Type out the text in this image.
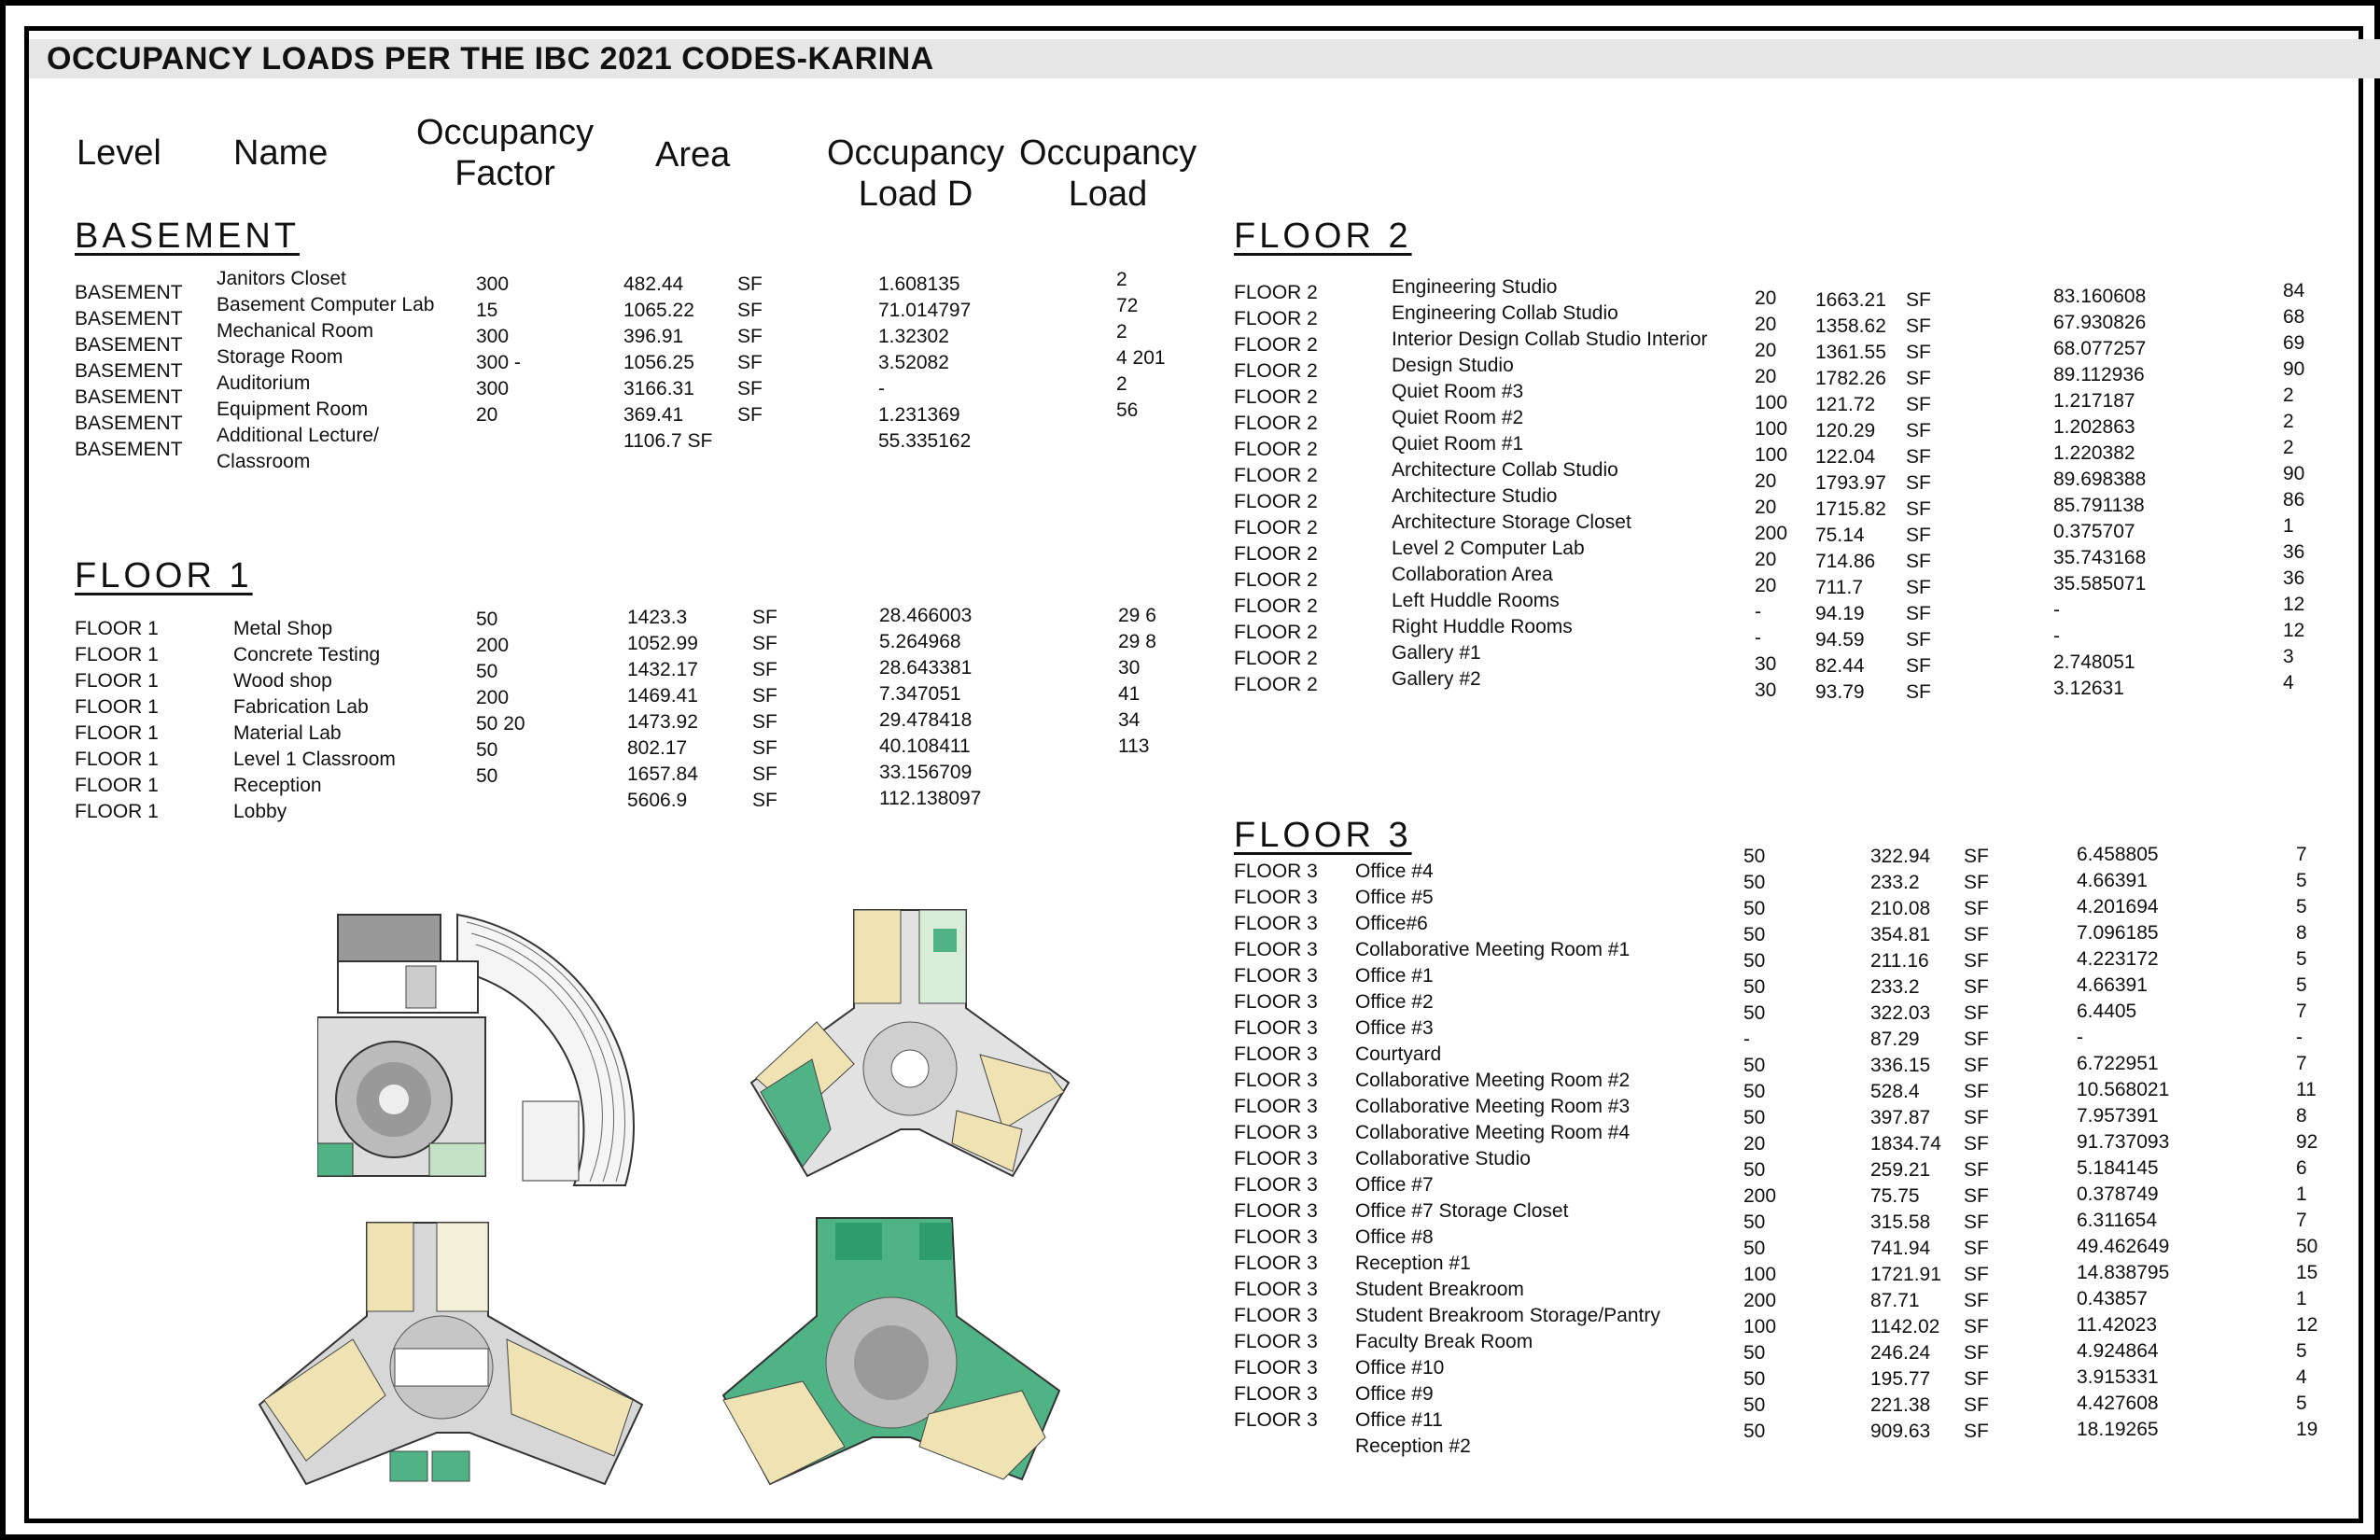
OCCUPANCY LOADS PER THE IBC 2021 CODES-KARINA
Level Name
Occupancy
Factor	Area	Occupancy
Load D
Occupancy
Load
BASEMENT
FLOOR 1
FLOOR 2
FLOOR 3
BASEMENT
BASEMENT
BASEMENT
BASEMENT
BASEMENT
BASEMENT
BASEMENT
Janitors Closet
Basement Computer Lab
Mechanical Room
Storage Room
Auditorium
Equipment Room
Additional Lecture/
Classroom
300
15
300
300 -
300
20
482.44
1065.22
396.91
1056.25
3166.31
369.41
1106.7 SF
SF
SF
SF
SF
SF
SF
1.608135
71.014797
1.32302
3.52082
-
1.231369
55.335162
2
72
2
4 201
2
56
FLOOR 1
FLOOR 1
FLOOR 1
FLOOR 1
FLOOR 1
FLOOR 1
FLOOR 1
FLOOR 1
Metal Shop
Concrete Testing
Wood shop
Fabrication Lab
Material Lab
Level 1 Classroom
Reception
Lobby
50
200
50
200
50 20
50
50
1423.3
1052.99
1432.17
1469.41
1473.92
802.17
1657.84
5606.9
SF
SF
SF
SF
SF
SF
SF
SF
28.466003
5.264968
28.643381
7.347051
29.478418
40.108411
33.156709
112.138097
29 6
29 8
30
41
34
113
FLOOR 2
FLOOR 2
FLOOR 2
FLOOR 2
FLOOR 2
FLOOR 2
FLOOR 2
FLOOR 2
FLOOR 2
FLOOR 2
FLOOR 2
FLOOR 2
FLOOR 2
FLOOR 2
FLOOR 2
FLOOR 2
Engineering Studio
Engineering Collab Studio
Interior Design Collab Studio Interior
Design Studio
Quiet Room #3
Quiet Room #2
Quiet Room #1
Architecture Collab Studio
Architecture Studio
Architecture Storage Closet
Level 2 Computer Lab
Collaboration Area
Left Huddle Rooms
Right Huddle Rooms
Gallery #1
Gallery #2
20
20
20
20
100
100
100
20
20
200
20
20
-
-
30
30
1663.21
1358.62
1361.55
1782.26
121.72
120.29
122.04
1793.97
1715.82
75.14
714.86
711.7
94.19
94.59
82.44
93.79
SF
SF
SF
SF
SF
SF
SF
SF
SF
SF
SF
SF
SF
SF
SF
SF
83.160608
67.930826
68.077257
89.112936
1.217187
1.202863
1.220382
89.698388
85.791138
0.375707
35.743168
35.585071
-
-
2.748051
3.12631
84
68
69
90
2
2
2
90
86
1
36
36
12
12
3
4
FLOOR 3
FLOOR 3
FLOOR 3
FLOOR 3
FLOOR 3
FLOOR 3
FLOOR 3
FLOOR 3
FLOOR 3
FLOOR 3
FLOOR 3
FLOOR 3
FLOOR 3
FLOOR 3
FLOOR 3
FLOOR 3
FLOOR 3
FLOOR 3
FLOOR 3
FLOOR 3
FLOOR 3
FLOOR 3
Office #4
Office #5
Office#6
Collaborative Meeting Room #1
Office #1
Office #2
Office #3
Courtyard
Collaborative Meeting Room #2
Collaborative Meeting Room #3
Collaborative Meeting Room #4
Collaborative Studio
Office #7
Office #7 Storage Closet
Office #8
Reception #1
Student Breakroom
Student Breakroom Storage/Pantry
Faculty Break Room
Office #10
Office #9
Office #11
Reception #2
50
50
50
50
50
50
50
-
50
50
50
20
50
200
50
50
100
200
100
50
50
50
50
322.94
233.2
210.08
354.81
211.16
233.2
322.03
87.29
336.15
528.4
397.87
1834.74
259.21
75.75
315.58
741.94
1721.91
87.71
1142.02
246.24
195.77
221.38
909.63
SF
SF
SF
SF
SF
SF
SF
SF
SF
SF
SF
SF
SF
SF
SF
SF
SF
SF
SF
SF
SF
SF
SF
6.458805
4.66391
4.201694
7.096185
4.223172
4.66391
6.4405
-
6.722951
10.568021
7.957391
91.737093
5.184145
0.378749
6.311654
49.462649
14.838795
0.43857
11.42023
4.924864
3.915331
4.427608
18.19265
7
5
5
8
5
5
7
-
7
11
8
92
6
1
7
50
15
1
12
5
4
5
19
